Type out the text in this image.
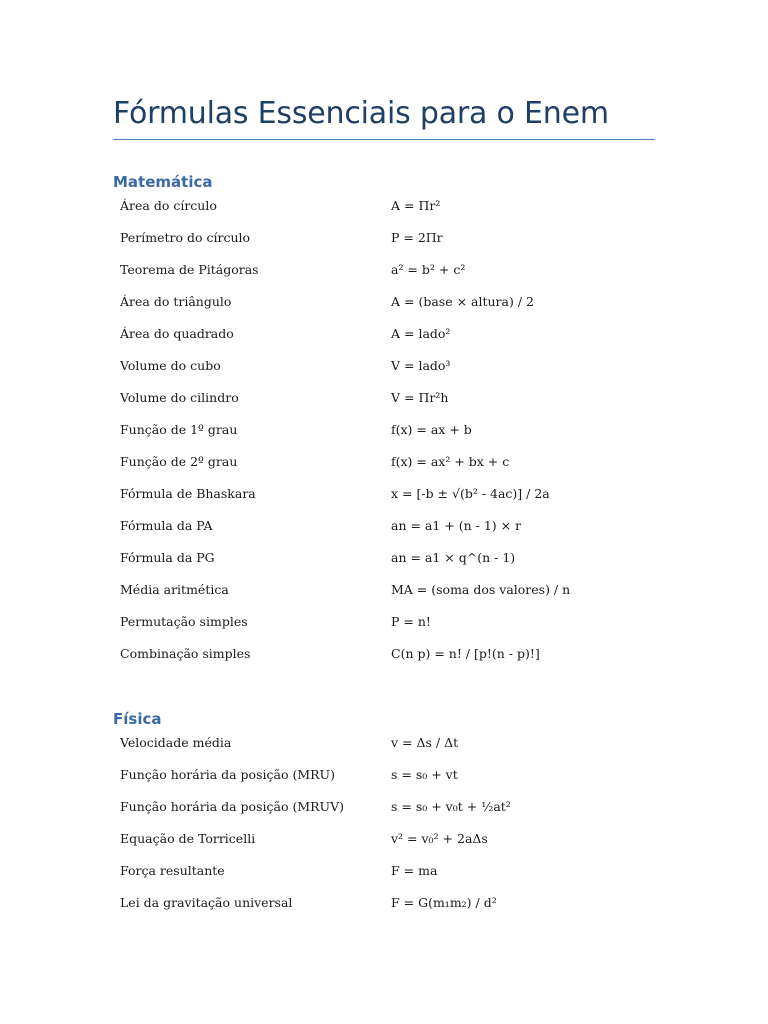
Fórmulas Essenciais para o Enem
Matemática
Área do círculo	A = Πr²
Perímetro do círculo	P = 2Πr
Teorema de Pitágoras	a² = b² + c²
Área do triângulo	A = (base × altura) / 2
Área do quadrado	A = lado²
Volume do cubo	V = lado³
Volume do cilindro	V = Πr²h
Função de 1º grau	f(x) = ax + b
Função de 2º grau	f(x) = ax² + bx + c
Fórmula de Bhaskara	x = [-b ± √(b² - 4ac)] / 2a
Fórmula da PA	an = a1 + (n - 1) × r
Fórmula da PG	an = a1 × q^(n - 1)
Média aritmética	MA = (soma dos valores) / n
Permutação simples	P = n!
Combinação simples	C(n p) = n! / [p!(n - p)!]
Física
Velocidade média	v = Δs / Δt
Função horária da posição (MRU)	s = s₀ + vt
Função horária da posição (MRUV)	s = s₀ + v₀t + ½at²
Equação de Torricelli	v² = v₀² + 2aΔs
Força resultante	F = ma
Lei da gravitação universal	F = G(m₁m₂) / d²
